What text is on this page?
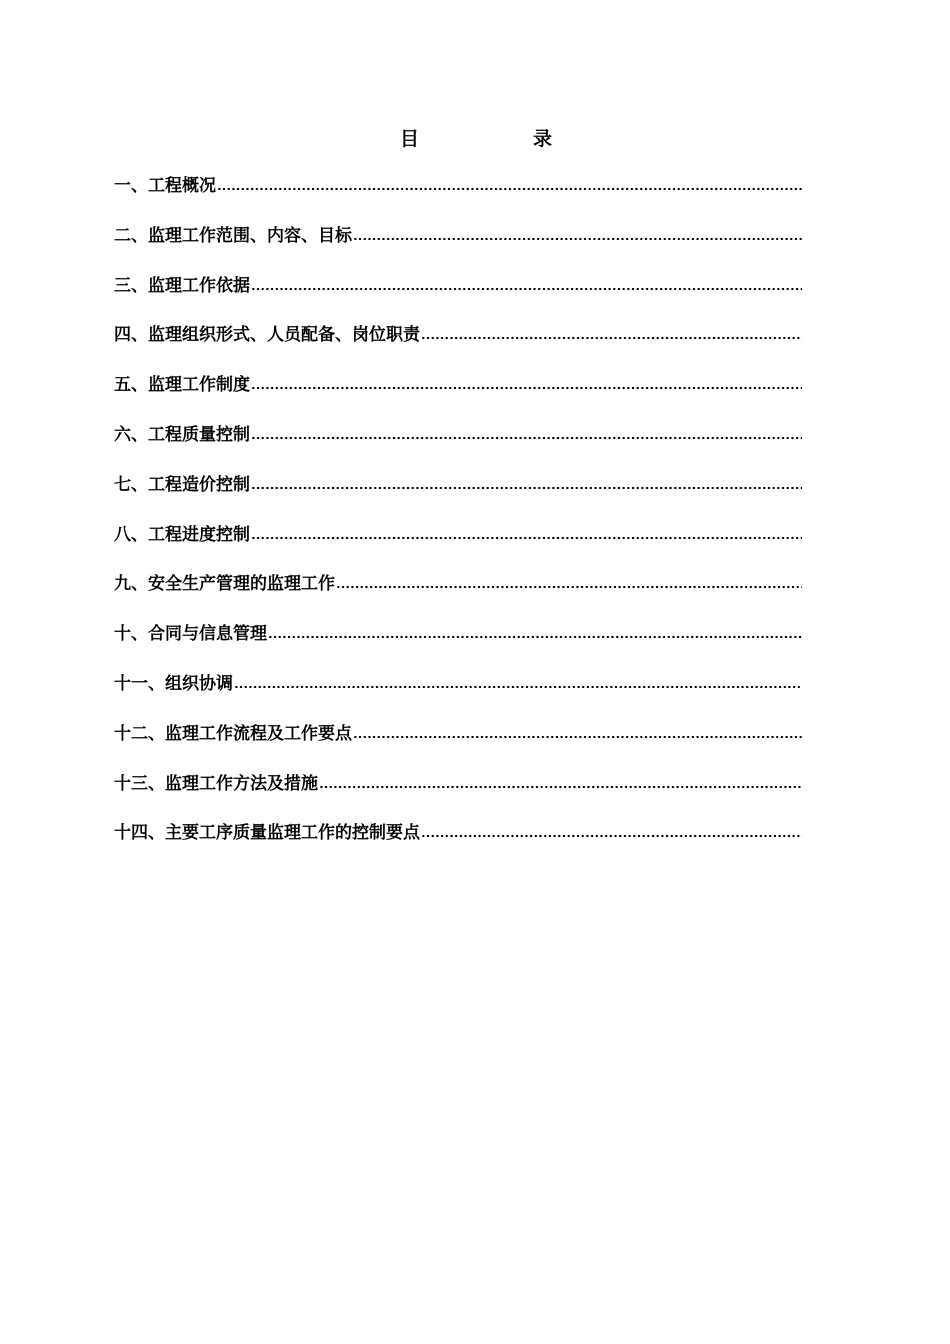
目	录
一、工程概况
二、监理工作范围、内容、目标
三、监理工作依据
四、监理组织形式、人员配备、岗位职责
五、监理工作制度
六、工程质量控制
七、工程造价控制
八、工程进度控制
九、安全生产管理的监理工作
十、合同与信息管理
十一、组织协调
十二、监理工作流程及工作要点
十三、监理工作方法及措施
十四、主要工序质量监理工作的控制要点
